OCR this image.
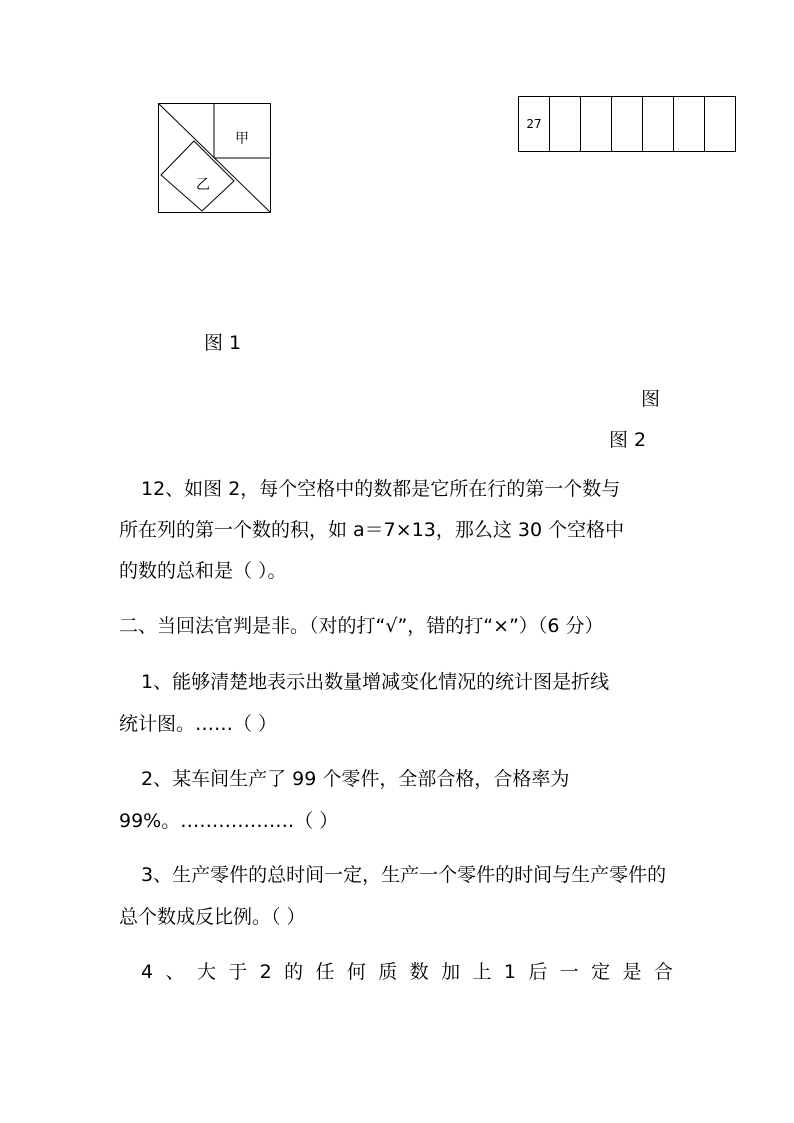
甲
乙
27						
图 1
图
图 2
12、如图 2，每个空格中的数都是它所在行的第一个数与
所在列的第一个数的积，如 a＝7×13，那么这 30 个空格中
的数的总和是（ ）。
二、当回法官判是非。（对的打“√”，错的打“×”）（6 分）
1、能够清楚地表示出数量增减变化情况的统计图是折线
统计图。……（ ）
2、某车间生产了 99 个零件，全部合格，合格率为
99%。………………（ ）
3、生产零件的总时间一定，生产一个零件的时间与生产零件的
总个数成反比例。（ ）
4 、 大 于 2 的 任 何 质 数 加 上 1 后 一 定 是 合
